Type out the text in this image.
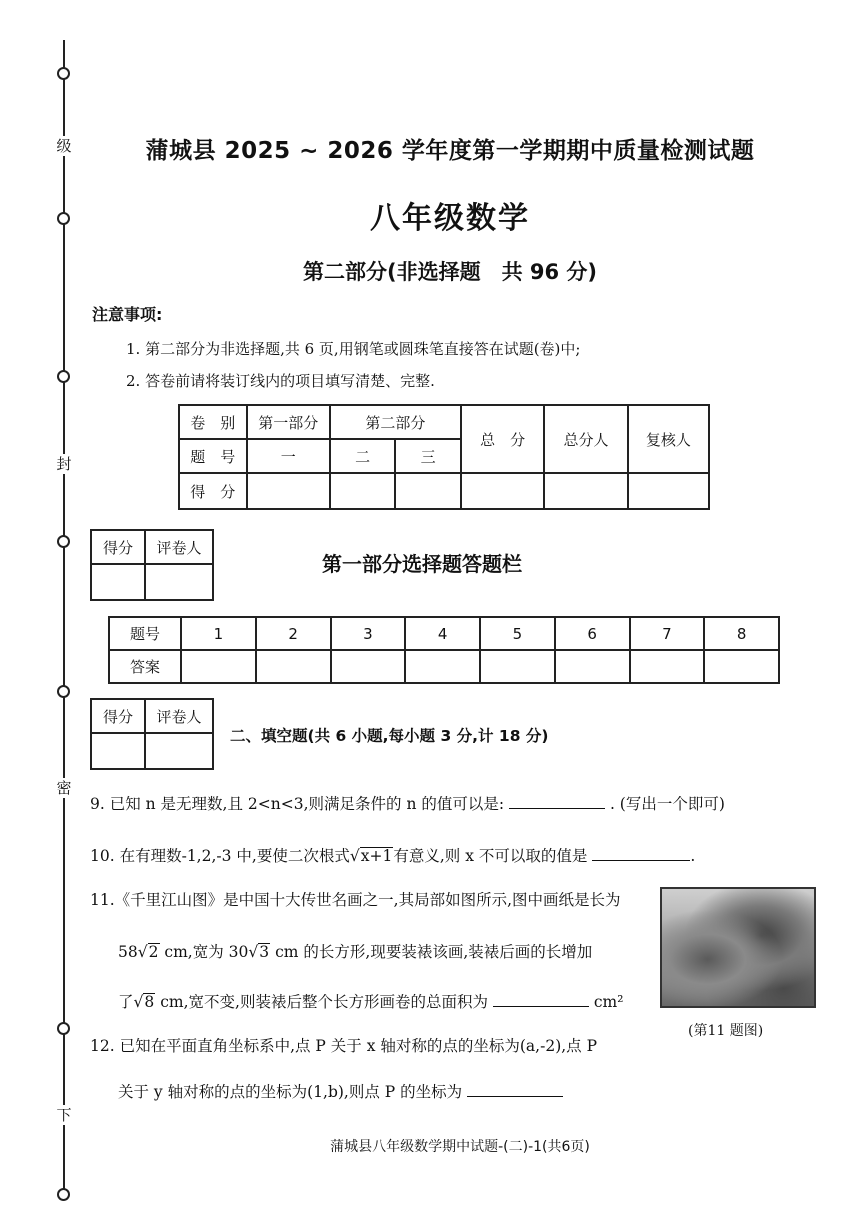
级
封
密
下
蒲城县 2025 ~ 2026 学年度第一学期期中质量检测试题
八年级数学
第二部分(非选择题　共 96 分)
注意事项:
1. 第二部分为非选择题,共 6 页,用钢笔或圆珠笔直接答在试题(卷)中;
2. 答卷前请将装订线内的项目填写清楚、完整.
卷　别	第一部分	第二部分		总　分	总分人	复核人
题　号	一	二	三			
得　分						
得分	评卷人

第一部分选择题答题栏
题号	1	2	3	4	5	6	7	8
答案								
得分	评卷人

二、填空题(共 6 小题,每小题 3 分,计 18 分)
9. 已知 n 是无理数,且 2<n<3,则满足条件的 n 的值可以是:	. (写出一个即可)
10. 在有理数-1,2,-3 中,要使二次根式√x+1有意义,则 x 不可以取的值是	.
11.《千里江山图》是中国十大传世名画之一,其局部如图所示,图中画纸是长为
58√2 cm,宽为 30√3 cm 的长方形,现要装裱该画,装裱后画的长增加
了√8 cm,宽不变,则装裱后整个长方形画卷的总面积为	cm²
(第11 题图)
12. 已知在平面直角坐标系中,点 P 关于 x 轴对称的点的坐标为(a,-2),点 P
关于 y 轴对称的点的坐标为(1,b),则点 P 的坐标为
蒲城县八年级数学期中试题-(二)-1(共6页)
